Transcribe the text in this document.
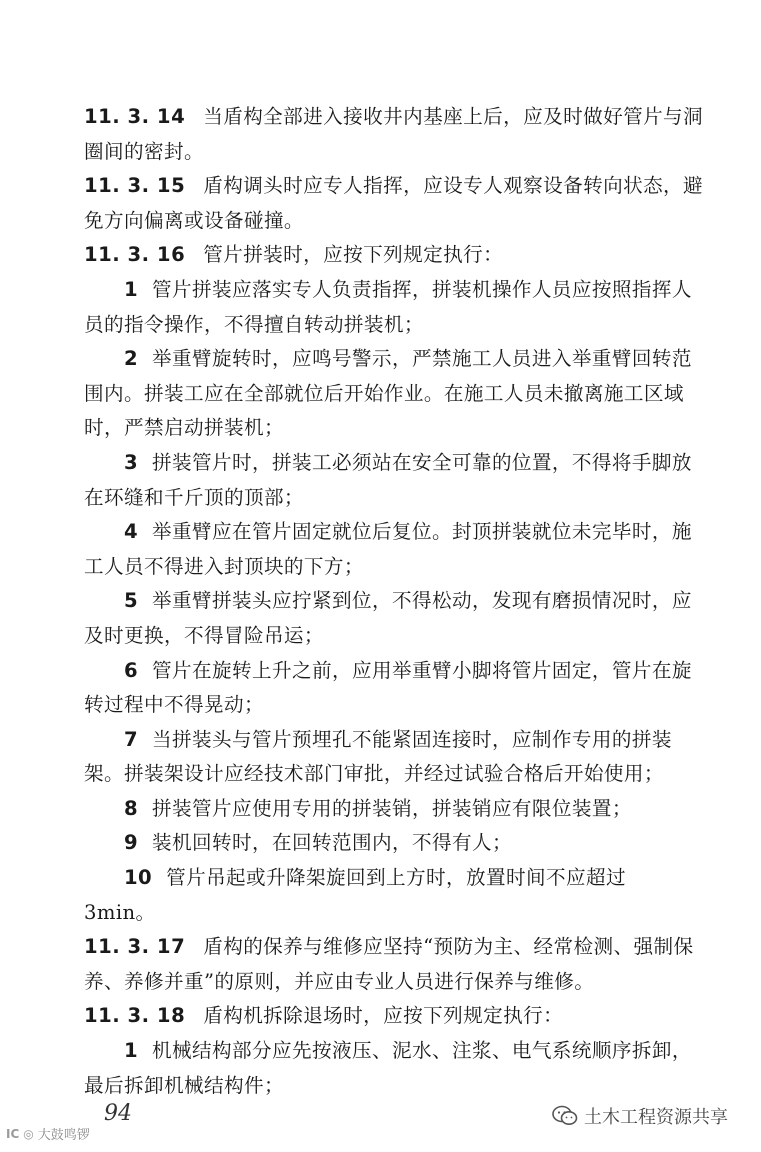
11. 3. 14 当盾构全部进入接收井内基座上后，应及时做好管片与洞圈间的密封。

11. 3. 15 盾构调头时应专人指挥，应设专人观察设备转向状态，避免方向偏离或设备碰撞。

11. 3. 16 管片拼装时，应按下列规定执行：

1 管片拼装应落实专人负责指挥，拼装机操作人员应按照指挥人员的指令操作，不得擅自转动拼装机；

2 举重臂旋转时，应鸣号警示，严禁施工人员进入举重臂回转范围内。拼装工应在全部就位后开始作业。在施工人员未撤离施工区域时，严禁启动拼装机；

3 拼装管片时，拼装工必须站在安全可靠的位置，不得将手脚放在环缝和千斤顶的顶部；

4 举重臂应在管片固定就位后复位。封顶拼装就位未完毕时，施工人员不得进入封顶块的下方；

5 举重臂拼装头应拧紧到位，不得松动，发现有磨损情况时，应及时更换，不得冒险吊运；

6 管片在旋转上升之前，应用举重臂小脚将管片固定，管片在旋转过程中不得晃动；

7 当拼装头与管片预埋孔不能紧固连接时，应制作专用的拼装架。拼装架设计应经技术部门审批，并经过试验合格后开始使用；

8 拼装管片应使用专用的拼装销，拼装销应有限位装置；

9 装机回转时，在回转范围内，不得有人；

10 管片吊起或升降架旋回到上方时，放置时间不应超过 3min。

11. 3. 17 盾构的保养与维修应坚持“预防为主、经常检测、强制保养、养修并重”的原则，并应由专业人员进行保养与维修。

11. 3. 18 盾构机拆除退场时，应按下列规定执行：

1 机械结构部分应先按液压、泥水、注浆、电气系统顺序拆卸，最后拆卸机械结构件；

94
IC ◎ 大鼓鸣锣
土木工程资源共享
